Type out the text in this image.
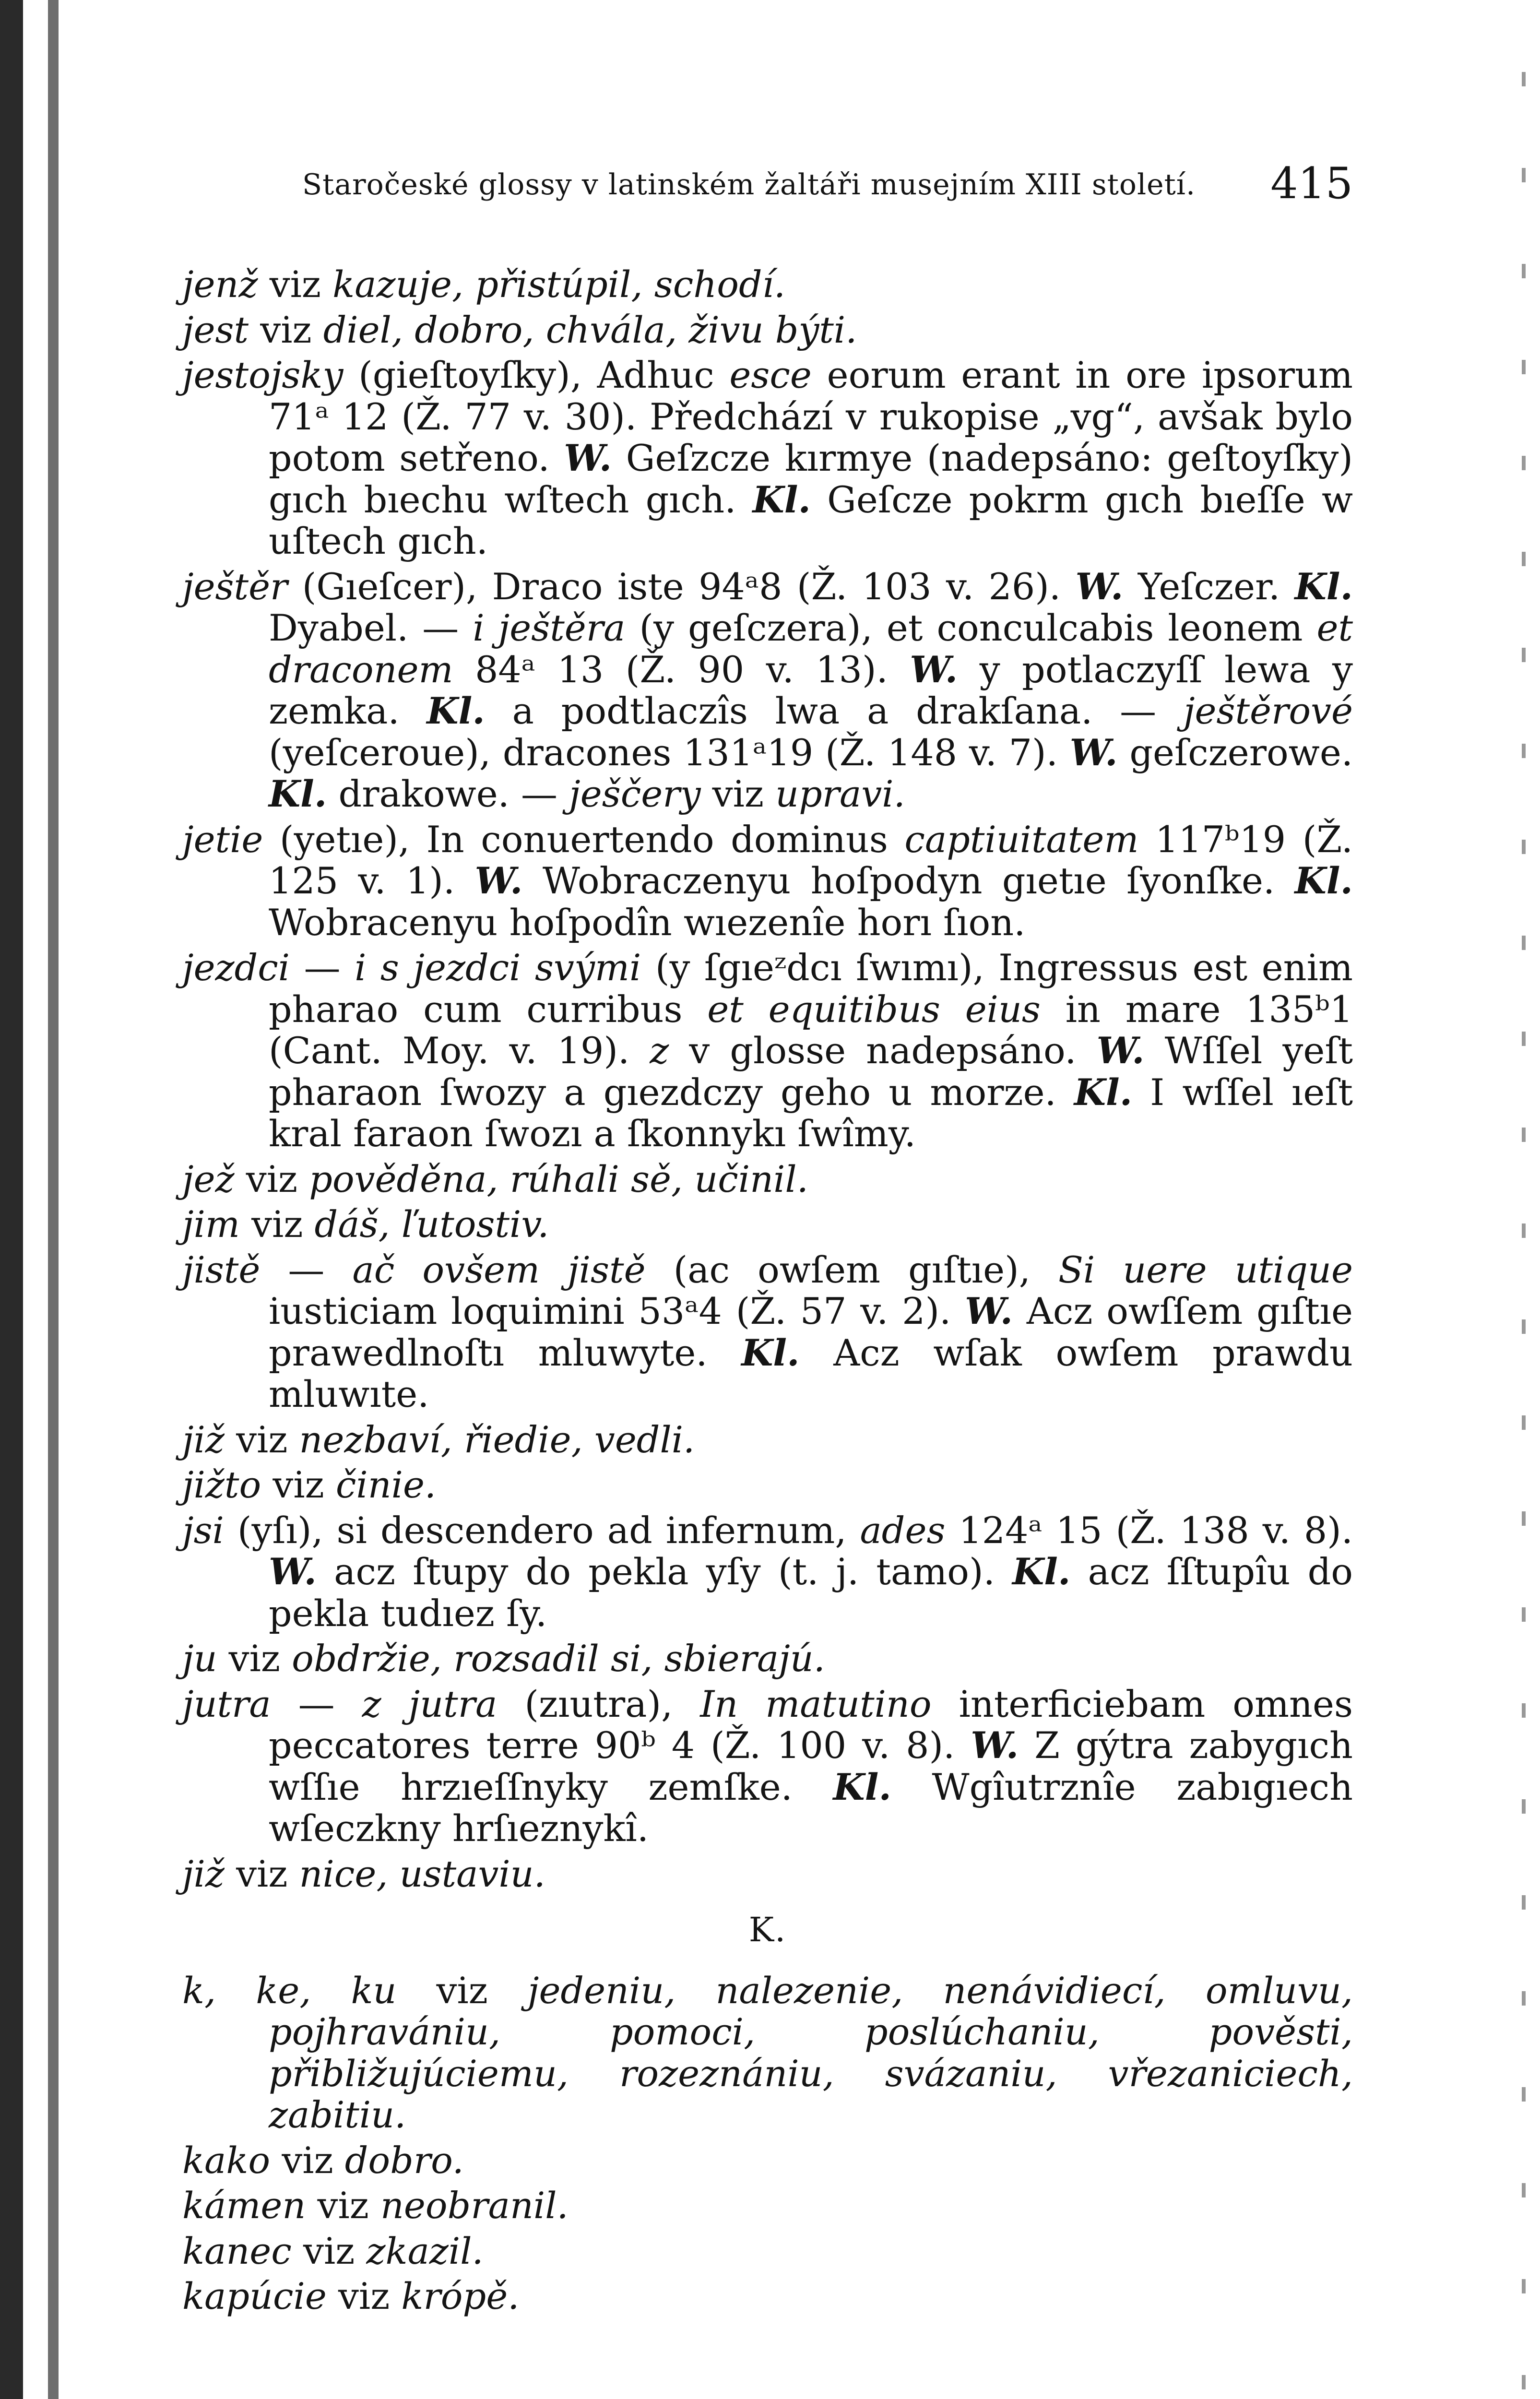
Staročeské glossy v latinském žaltáři musejním XIII století. 415

jenž viz kazuje, přistúpil, schodí.

jest viz diel, dobro, chvála, živu býti.

jestojsky (gieſtoyſky), Adhuc esce eorum erant in ore ipsorum 71ᵃ 12 (Ž. 77 v. 30). Předchází v rukopise „vg“, avšak bylo potom setřeno. W. Geſzcze kırmye (nadepsáno: geſtoyſky) gıch bıechu wſtech gıch. Kl. Geſcze pokrm gıch bıeſſe w uſtech gıch.

ještěr (Gıeſcer), Draco iste 94ᵃ8 (Ž. 103 v. 26). W. Yeſczer. Kl. Dyabel. — i ještěra (y geſczera), et conculcabis leonem et draconem 84ᵃ 13 (Ž. 90 v. 13). W. y potlaczyſſ lewa y zemka. Kl. a podtlaczîs lwa a drakſana. — ještěrové (yeſceroue), dracones 131ᵃ19 (Ž. 148 v. 7). W. geſczerowe. Kl. drakowe. — ješčery viz upravi.

jetie (yetıe), In conuertendo dominus captiuitatem 117ᵇ19 (Ž. 125 v. 1). W. Wobraczenyu hoſpodyn gıetıe ſyonſke. Kl. Wobracenyu hoſpodîn wıezenîe horı ſıon.

jezdci — i s jezdci svými (y ſgıeᶻdcı ſwımı), Ingressus est enim pharao cum curribus et equitibus eius in mare 135ᵇ1 (Cant. Moy. v. 19). z v glosse nadepsáno. W. Wſſel yeſt pharaon ſwozy a gıezdczy geho u morze. Kl. I wſſel ıeſt kral faraon ſwozı a ſkonnykı ſwîmy.

jež viz pověděna, rúhali sě, učinil.

jim viz dáš, ľutostiv.

jistě — ač ovšem jistě (ac owſem gıſtıe), Si uere utique iusticiam loquimini 53ᵃ4 (Ž. 57 v. 2). W. Acz owſſem gıſtıe prawedlnoſtı mluwyte. Kl. Acz wſak owſem prawdu mluwıte.

již viz nezbaví, řiedie, vedli.

jižto viz činie.

jsi (yſı), si descendero ad infernum, ades 124ᵃ 15 (Ž. 138 v. 8). W. acz ſtupy do pekla yſy (t. j. tamo). Kl. acz ſſtupîu do pekla tudıez ſy.

ju viz obdržie, rozsadil si, sbierajú.

jutra — z jutra (zıutra), In matutino interficiebam omnes peccatores terre 90ᵇ 4 (Ž. 100 v. 8). W. Z gýtra zabygıch wſſıe hrzıeſſnyky zemſke. Kl. Wgîutrznîe zabıgıech wſeczkny hrſıeznykî.

již viz nice, ustaviu.

K.

k, ke, ku viz jedeniu, nalezenie, nenávidiecí, omluvu, pojhravániu, pomoci, poslúchaniu, pověsti, přibližujúciemu, rozeznániu, svázaniu, vřezaniciech, zabitiu.

kako viz dobro.

kámen viz neobranil.

kanec viz zkazil.

kapúcie viz krópě.
